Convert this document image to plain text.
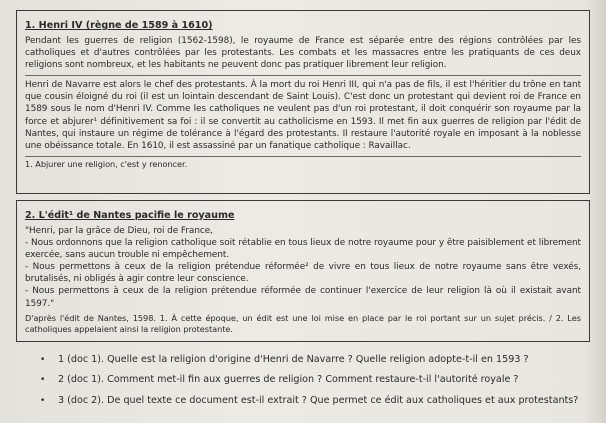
1. Henri IV (règne de 1589 à 1610)

Pendant les guerres de religion (1562-1598), le royaume de France est séparée entre des régions contrôlées par les catholiques et d'autres contrôlées par les protestants. Les combats et les massacres entre les pratiquants de ces deux religions sont nombreux, et les habitants ne peuvent donc pas pratiquer librement leur religion.

Henri de Navarre est alors le chef des protestants. À la mort du roi Henri III, qui n'a pas de fils, il est l'héritier du trône en tant que cousin éloigné du roi (il est un lointain descendant de Saint Louis). C'est donc un protestant qui devient roi de France en 1589 sous le nom d'Henri IV. Comme les catholiques ne veulent pas d'un roi protestant, il doit conquérir son royaume par la force et abjurer¹ définitivement sa foi : il se convertit au catholicisme en 1593. Il met fin aux guerres de religion par l'édit de Nantes, qui instaure un régime de tolérance à l'égard des protestants. Il restaure l'autorité royale en imposant à la noblesse une obéissance totale. En 1610, il est assassiné par un fanatique catholique : Ravaillac.

1. Abjurer une religion, c'est y renoncer.

2. L'édit¹ de Nantes pacifie le royaume

"Henri, par la grâce de Dieu, roi de France,

- Nous ordonnons que la religion catholique soit rétablie en tous lieux de notre royaume pour y être paisiblement et librement exercée, sans aucun trouble ni empêchement.

- Nous permettons à ceux de la religion prétendue réformée² de vivre en tous lieux de notre royaume sans être vexés, brutalisés, ni obligés à agir contre leur conscience.

- Nous permettons à ceux de la religion prétendue réformée de continuer l'exercice de leur religion là où il existait avant 1597."

D'après l'édit de Nantes, 1598. 1. À cette époque, un édit est une loi mise en place par le roi portant sur un sujet précis. / 2. Les catholiques appelaient ainsi la religion protestante.

•	1 (doc 1). Quelle est la religion d'origine d'Henri de Navarre ? Quelle religion adopte-t-il en 1593 ?
•	2 (doc 1). Comment met-il fin aux guerres de religion ? Comment restaure-t-il l'autorité royale ?
•	3 (doc 2). De quel texte ce document est-il extrait ? Que permet ce édit aux catholiques et aux protestants?
